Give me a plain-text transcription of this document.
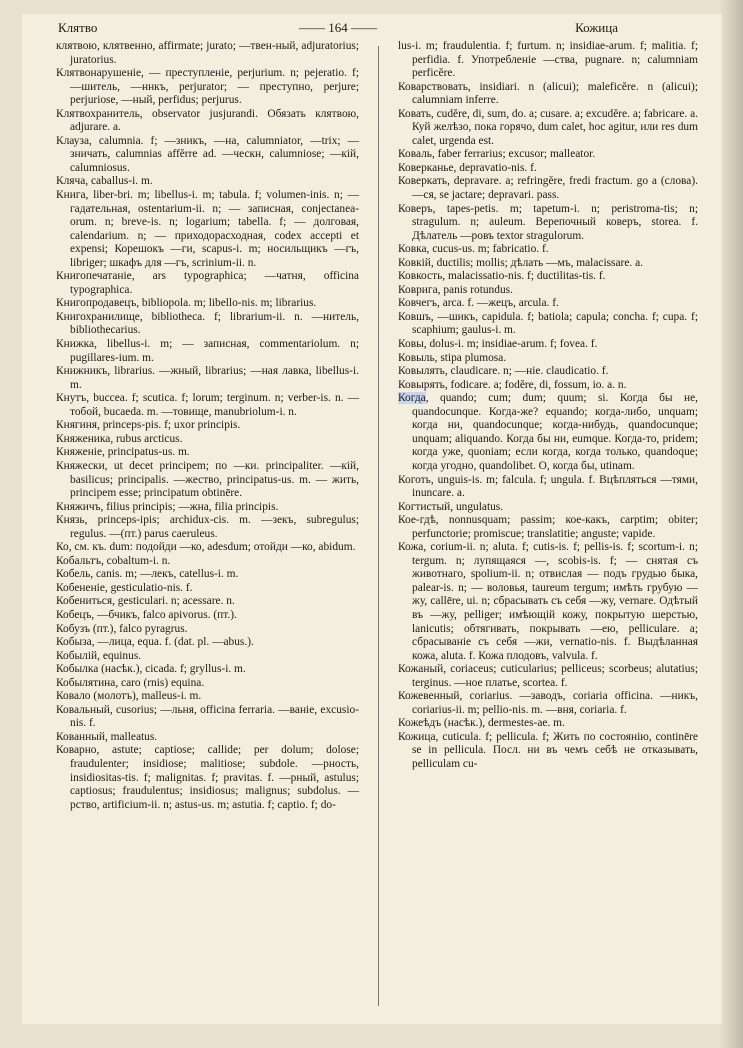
Клятво	—— 164 ——	Кожица

клятвою, клятвенно, affirmate; jurato; —твен-ный, adjuratorius; juratorius.

Клятвонарушеніе, — преступленіе, perjurium. n; pejeratio. f; —шитель, —ннкъ, perjurator; — преступно, perjure; perjuriose, —ный, perfidus; perjurus.

Клятвохранитель, observator jusjurandi. Обязать клятвою, adjurare. a.

Клауза, calumnia. f; —зникъ, —на, calumniator, —trix; —зничать, calumnias affĕrre ad. —ческн, calumniose; —кій, calumniosus.

Кляча, caballus-i. m.

Книга, liber-bri. m; libellus-i. m; tabula. f; volumen-inis. n; — гадательная, ostentarium-ii. n; — записная, conjectanea-orum. n; breve-is. n; logarium; tabella. f; — долговая, calendarium. n; — приходорасходная, codex accepti et expensi; Корешокъ —ги, scapus-i. m; носильщикъ —гъ, libriger; шкафъ для —гъ, scrinium-ii. n.

Книгопечатаніе, ars typographica; —чатня, officina typographica.

Книгопродавецъ, bibliopola. m; libello-nis. m; librarius.

Книгохранилище, bibliotheca. f; librarium-ii. n. —нитель, bibliothecarius.

Книжка, libellus-i. m; — записная, commentariolum. n; pugillares-ium. m.

Книжникъ, librarius. —жный, librarius; —ная лавка, libellus-i. m.

Кнутъ, buccea. f; scutica. f; lorum; terginum. n; verber-is. n. —тобой, bucaeda. m. —товище, manubriolum-i. n.

Княгиня, princeps-pis. f; uxor principis.

Княженика, rubus arcticus.

Княженіе, principatus-us. m.

Княжески, ut decet principem; по —ки. principaliter. —кій, basilicus; principalis. —жество, principatus-us. m. — жить, principem esse; principatum obtinēre.

Княжичъ, filius principis; —жна, filia principis.

Князь, princeps-ipis; archidux-cis. m. —зекъ, subregulus; regulus. —(пт.) parus caeruleus.

Ко, см. къ. dum: подойди —ко, adesdum; отойди —ко, abidum.

Кобальтъ, cobaltum-i. n.

Кобель, canis. m; —лекъ, catellus-i. m.

Кобененіе, gesticulatio-nis. f.

Кобениться, gesticulari. n; acessare. n.

Кобецъ, —бчикъ, falco apivorus. (пт.).

Кобузъ (пт.), falco pyragrus.

Кобыза, —лица, equa. f. (dat. pl. —abus.).

Кобылій, equinus.

Кобылка (насѣк.), cicada. f; gryllus-i. m.

Кобылятина, caro (rnis) equina.

Ковало (молотъ), malleus-i. m.

Ковальный, cusorius; —льня, officina ferraria. —ваніе, excusio-nis. f.

Кованный, malleatus.

Коварно, astute; captiose; callide; per dolum; dolose; fraudulenter; insidiose; malitiose; subdole. —рность, insidiositas-tis. f; malignitas. f; pravitas. f. —рный, astulus; captiosus; fraudulentus; insidiosus; malignus; subdolus. —рство, artificium-ii. n; astus-us. m; astutia. f; captio. f; do-

lus-i. m; fraudulentia. f; furtum. n; insidiae-arum. f; malitia. f; perfidia. f. Употребленіе —ства, pugnare. n; calumniam perficĕre.

Коварствовать, insidiari. n (alicui); maleficĕre. n (alicui); calumniam inferre.

Ковать, cudĕre, di, sum, do. a; cusare. a; excudĕre. a; fabricare. a. Куй желѣзо, пока горячо, dum calet, hoc agitur, или res dum calet, urgenda est.

Коваль, faber ferrarius; excusor; malleator.

Коверканье, depravatio-nis. f.

Коверкать, depravare. a; refringĕre, fredi fractum. go a (слова). —ся, se jactare; depravari. pass.

Коверъ, tapes-petis. m; tapetum-i. n; peristroma-tis; n; stragulum. n; auleum. Верепочный коверъ, storea. f. Дѣлатель —ровъ textor stragulorum.

Ковка, cucus-us. m; fabricatio. f.

Ковкій, ductilis; mollis; дѣлать —мъ, malacissare. a.

Ковкость, malacissatio-nis. f; ductilitas-tis. f.

Коврига, panis rotundus.

Ковчегъ, arca. f. —жецъ, arcula. f.

Ковшъ, —шикъ, capidula. f; batiola; capula; concha. f; cupa. f; scaphium; gaulus-i. m.

Ковы, dolus-i. m; insidiae-arum. f; fovea. f.

Ковыль, stipa plumosa.

Ковылять, claudicare. n; —ніе. claudicatio. f.

Ковырять, fodicare. a; fodĕre, di, fossum, io. a. n.

Когда, quando; cum; dum; quum; si. Когда бы не, quandocunque. Когда-же? equando; когда-либо, unquam; когда ни, quandocunque; когда-нибудь, quandocunque; unquam; aliquando. Когда бы ни, eumque. Когда-то, pridem; когда уже, quoniam; если когда, когда только, quandoque; когда угодно, quandolibet. О, когда бы, utinam.

Коготь, unguis-is. m; falcula. f; ungula. f. Вцѣпляться —тями, inuncare. a.

Когтистый, ungulatus.

Кое-гдѣ, nonnusquam; passim; кое-какъ, carptim; obiter; perfunctorie; promiscue; translatitie; anguste; vapide.

Кожа, corium-ii. n; aluta. f; cutis-is. f; pellis-is. f; scortum-i. n; tergum. n; лупящаяся —, scobis-is. f; — снятая съ животнаго, spolium-ii. n; отвислая — подъ грудью быка, palear-is. n; — воловья, taureum tergum; имѣть грубую —жу, callēre, ui. n; сбрасывать съ себя —жу, vernare. Одѣтый въ —жу, pelliger; имѣющій кожу, покрытую шерстью, lanicutis; обтягивать, покрывать —ею, pellicularе. a; сбрасываніе съ себя —жи, vernatio-nis. f. Выдѣланная кожа, aluta. f. Кожа плодовъ, valvula. f.

Кожаный, coriaceus; cuticularius; pelliceus; scorbeus; alutatius; terginus. —ное платье, scortea. f.

Кожевенный, coriarius. —заводъ, coriaria officina. —никъ, coriarius-ii. m; pellio-nis. m. —вня, coriaria. f.

Кожеѣдъ (насѣк.), dermestes-ae. m.

Кожица, cuticula. f; pellicula. f; Жить по состоянію, continēre se in pellicula. Посл. ни въ чемъ себѣ не отказывать, pelliculam cu-
